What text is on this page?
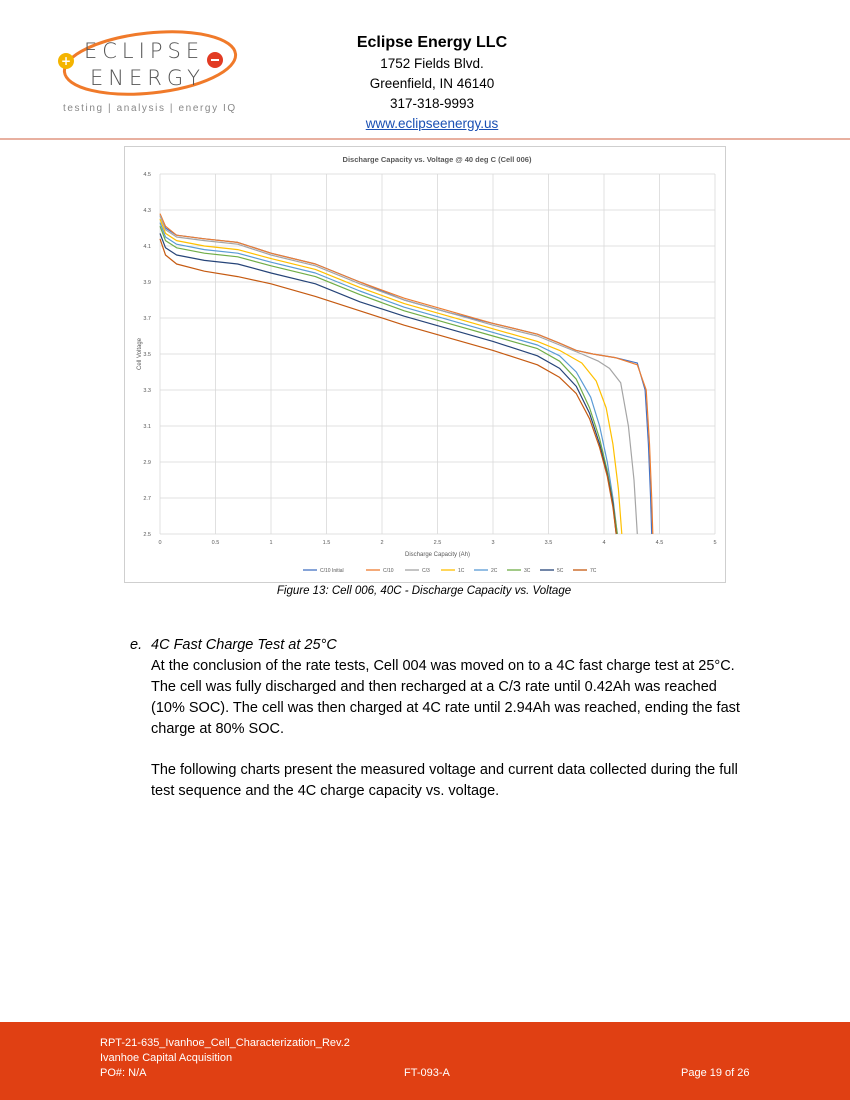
+ ECLIPSE
ENERGY
testing | analysis | energy IQ
Eclipse Energy LLC
1752 Fields Blvd.
Greenfield, IN 46140
317-318-9993
www.eclipseenergy.us
Discharge Capacity vs. Voltage @ 40 deg C (Cell 006)
2.5
2.7
2.9
3.1
3.3
3.5
3.7
3.9
4.1
4.3
4.5
0	0.5	1	1.5	2	2.5	3	3.5	4	4.5	5
Discharge Capacity (Ah)
Cell Voltage
C/10 Initial	C/10	C/3	1C	2C	3C	5C	7C
Figure 13: Cell 006, 40C - Discharge Capacity vs. Voltage
e. 4C Fast Charge Test at 25°C
At the conclusion of the rate tests, Cell 004 was moved on to a 4C fast charge test at 25°C. The cell was fully discharged and then recharged at a C/3 rate until 0.42Ah was reached (10% SOC). The cell was then charged at 4C rate until 2.94Ah was reached, ending the fast charge at 80% SOC.
The following charts present the measured voltage and current data collected during the full test sequence and the 4C charge capacity vs. voltage.
RPT-21-635_Ivanhoe_Cell_Characterization_Rev.2
Ivanhoe Capital Acquisition
PO#: N/A	FT-093-A	Page 19 of 26
